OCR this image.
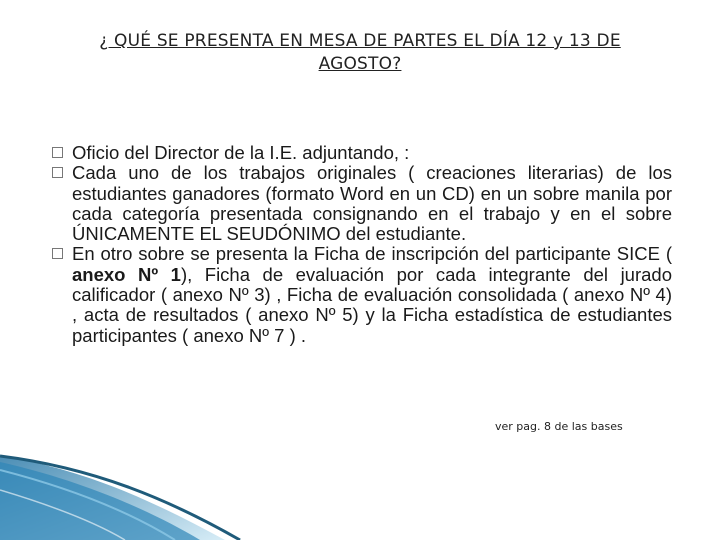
¿ QUÉ SE PRESENTA EN MESA DE PARTES EL DÍA 12 y 13 DE
AGOSTO?
Oficio del Director de la I.E. adjuntando, :
Cada uno de los trabajos originales ( creaciones literarias) de los estudiantes ganadores (formato Word en un CD) en un sobre manila por cada categoría presentada consignando en el trabajo y en el sobre ÚNICAMENTE EL SEUDÓNIMO del estudiante.
En otro sobre se presenta la Ficha de inscripción del participante SICE ( anexo Nº 1), Ficha de evaluación por cada integrante del jurado calificador ( anexo Nº 3) , Ficha de evaluación consolidada ( anexo Nº 4) , acta de resultados ( anexo Nº 5) y la Ficha estadística de estudiantes participantes ( anexo Nº 7 ) .
ver pag. 8 de las bases
